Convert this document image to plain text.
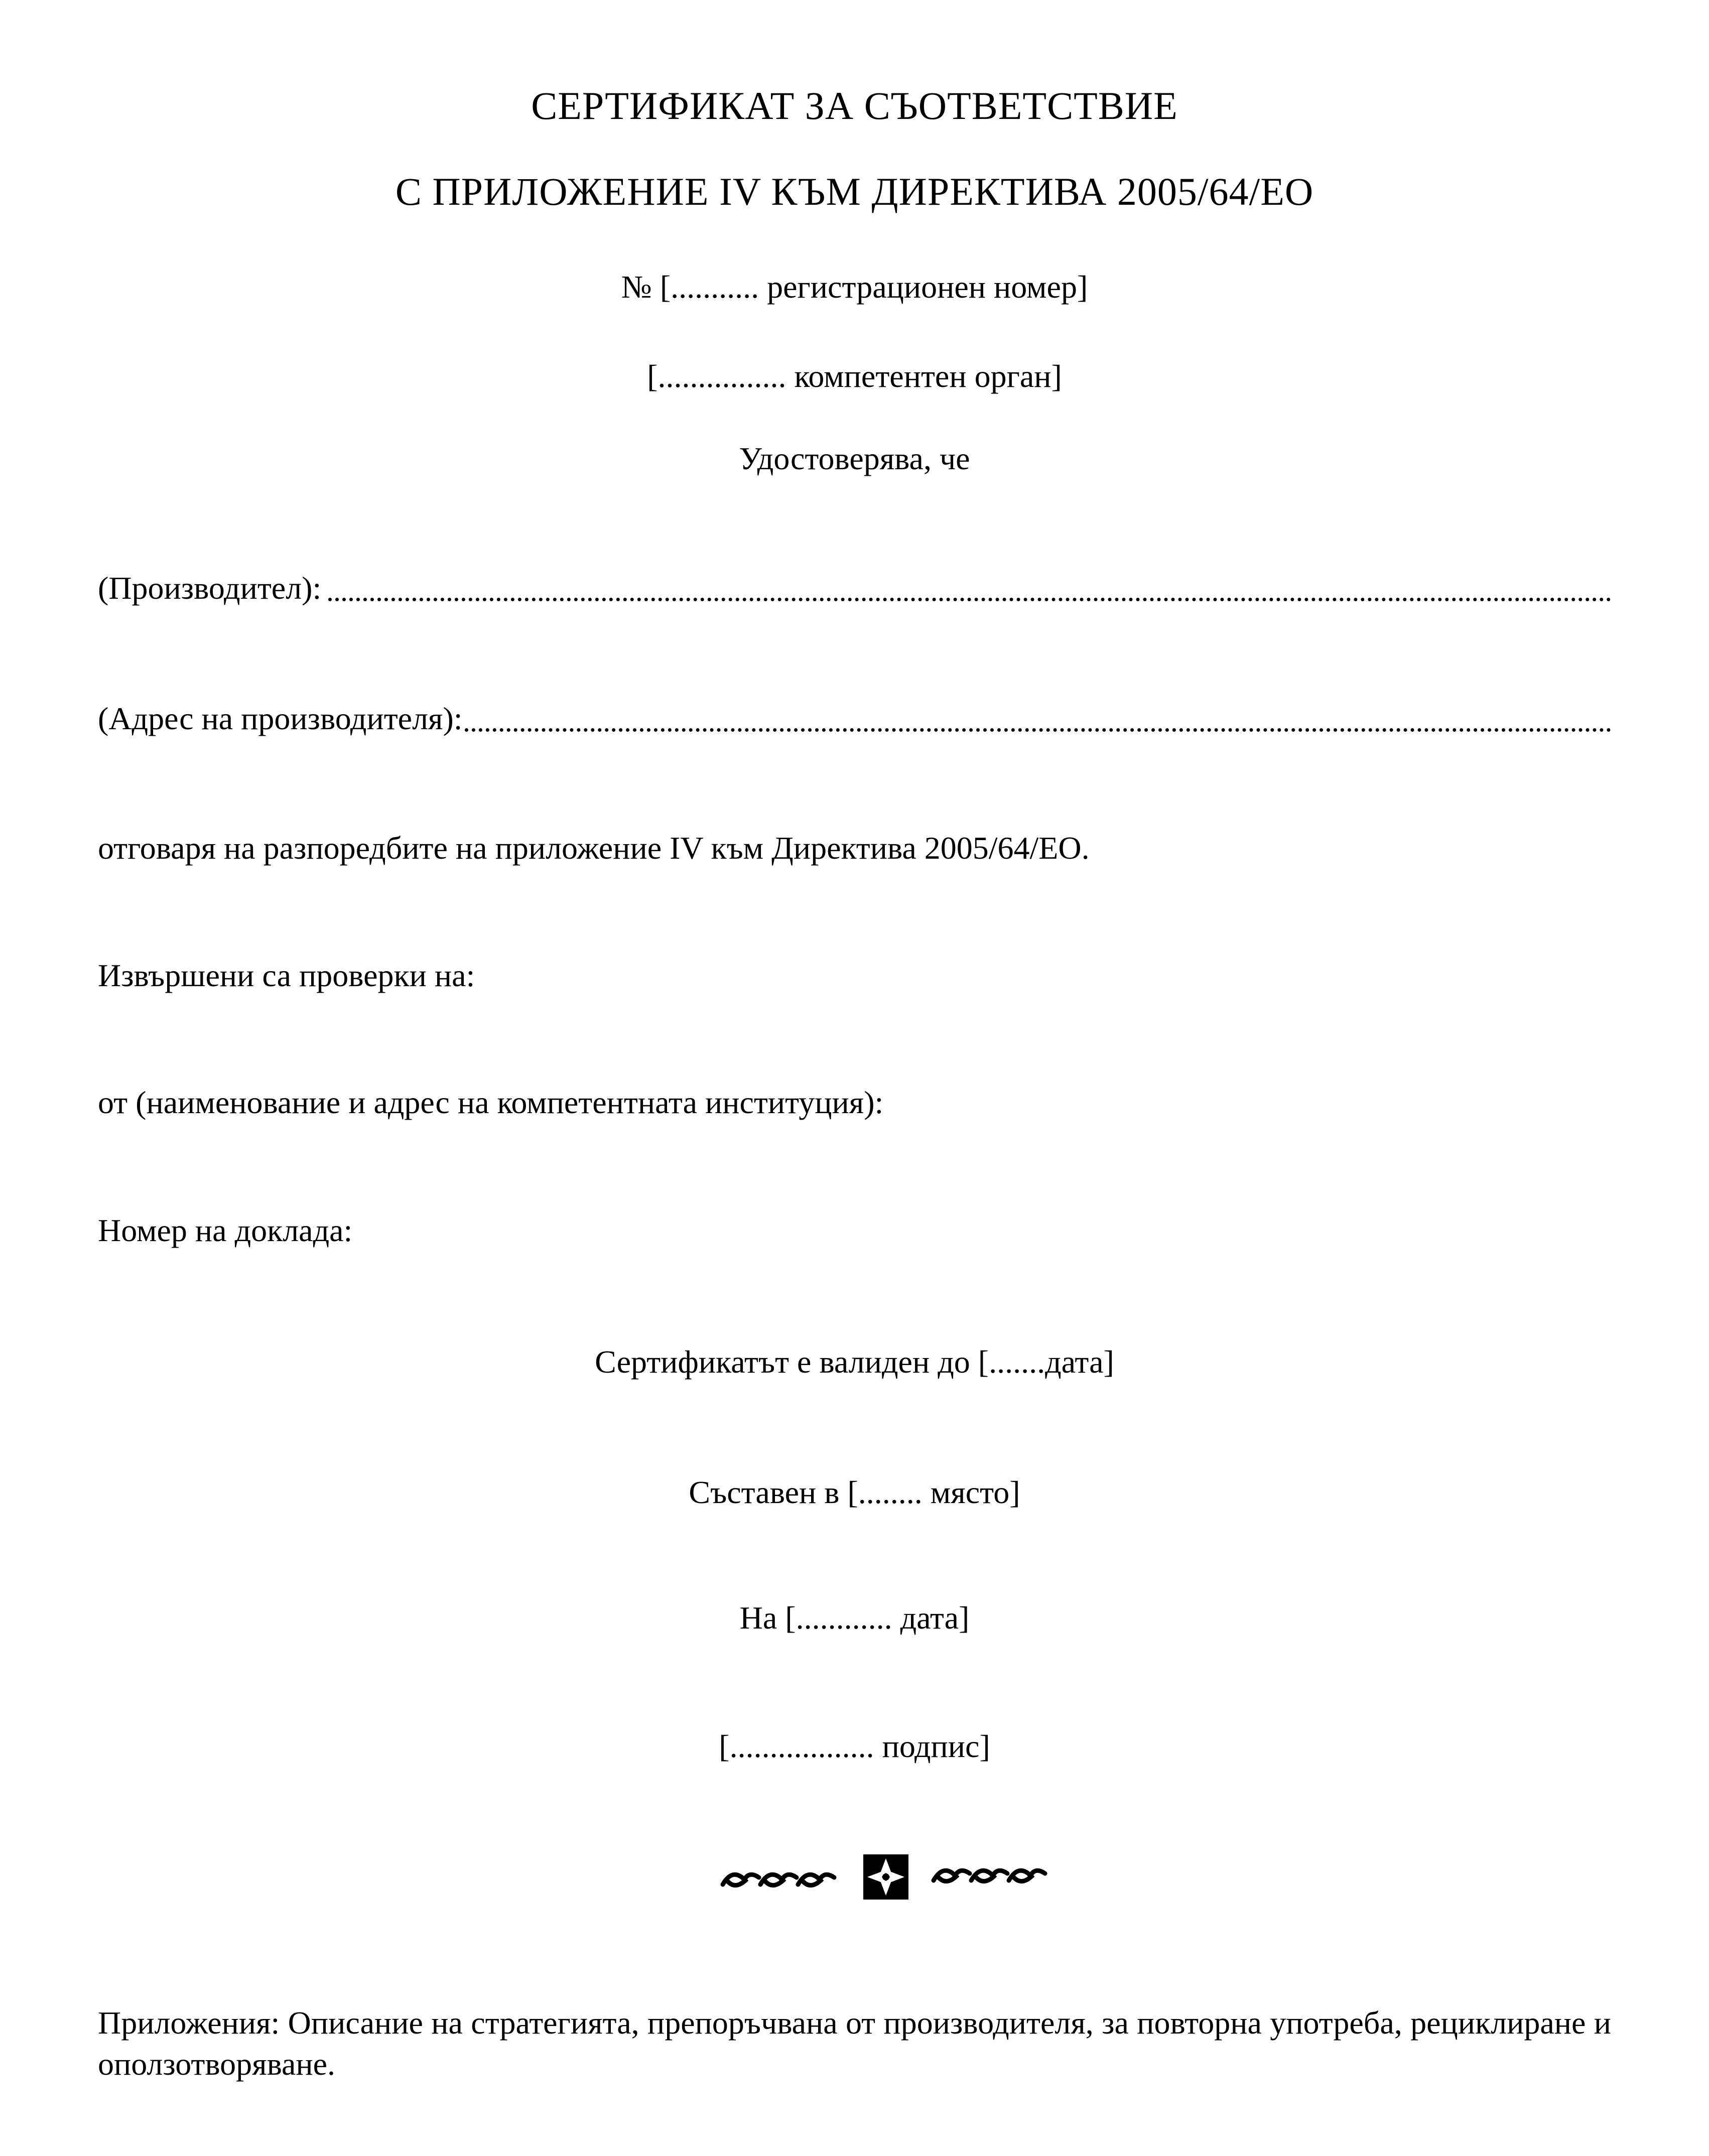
СЕРТИФИКАТ ЗА СЪОТВЕТСТВИЕ
С ПРИЛОЖЕНИЕ IV КЪМ ДИРЕКТИВА 2005/64/ЕО
№ [........... регистрационен номер]
[................ компетентен орган]
Удостоверява, че
(Производител):
(Адрес на производителя):
отговаря на разпоредбите на приложение IV към Директива 2005/64/ЕО.
Извършени са проверки на:
от (наименование и адрес на компетентната институция):
Номер на доклада:
Сертификатът е валиден до [.......дата]
Съставен в [........ място]
На [............ дата]
[.................. подпис]
Приложения: Описание на стратегията, препоръчвана от производителя, за повторна употреба, рециклиране и оползотворяване.
